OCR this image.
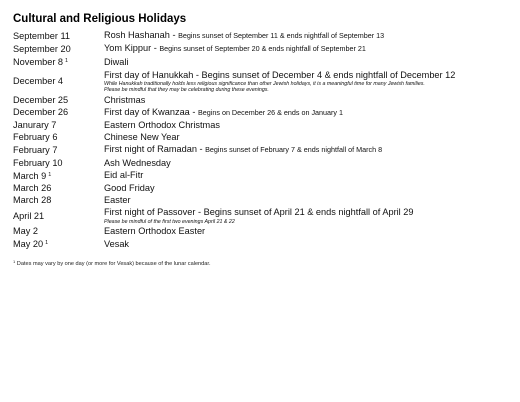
Cultural and Religious Holidays
September 11	Rosh Hashanah - Begins sunset of September 11 & ends nightfall of September 13
September 20	Yom Kippur - Begins sunset of September 20 & ends nightfall of September 21
November 8 $^1$	Diwali
December 4	First day of Hanukkah - Begins sunset of December 4 & ends nightfall of December 12
While Hanukkah traditionally holds less religious significance than other Jewish holidays, it is a meaningful time for many Jewish families.
Please be mindful that they may be celebrating during these evenings.

December 25	Christmas
December 26	First day of Kwanzaa - Begins on December 26 & ends on January 1
Janurary 7	Eastern Orthodox Christmas
February 6	Chinese New Year
February 7	First night of Ramadan - Begins sunset of February 7 & ends nightfall of March 8
February 10	Ash Wednesday
March 9 $^1$	Eid al-Fitr
March 26	Good Friday
March 28	Easter
April 21	First night of Passover - Begins sunset of April 21 & ends nightfall of April 29
Please be mindful of the first two evenings April 21 & 22

May 2	Eastern Orthodox Easter
May 20 $^1$	Vesak
$^1$ Dates may vary by one day (or more for Vesak) because of the lunar calendar.
